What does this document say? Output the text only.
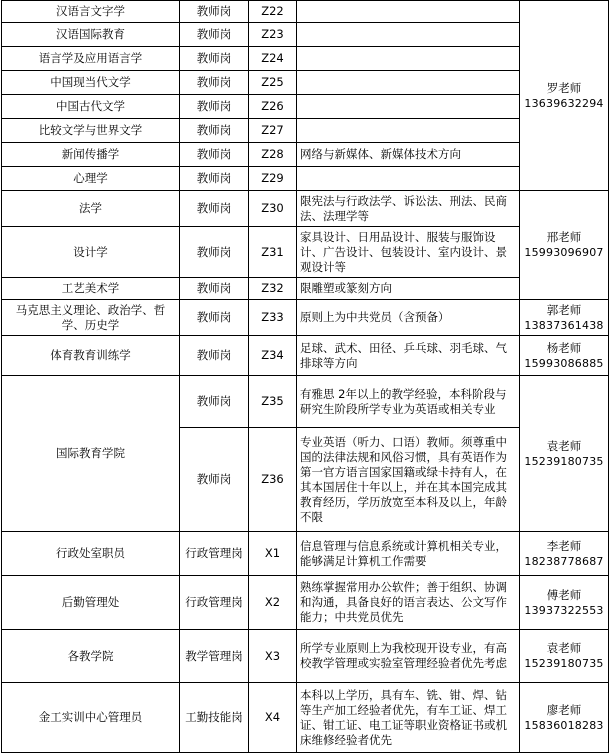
汉语言文字学	教师岗	Z22		罗老师
13639632294

汉语国际教育	教师岗	Z23		
语言学及应用语言学	教师岗	Z24		
中国现当代文学	教师岗	Z25		
中国古代文学	教师岗	Z26		
比较文学与世界文学	教师岗	Z27		
新闻传播学	教师岗	Z28	网络与新媒体、新媒体技术方向	
心理学	教师岗	Z29		
法学	教师岗	Z30	限宪法与行政法学、诉讼法、刑法、民商法、法理学等	邢老师
15993096907

设计学	教师岗	Z31	家具设计、日用品设计、服装与服饰设计、广告设计、包装设计、室内设计、景观设计等	
工艺美术学	教师岗	Z32	限雕塑或篆刻方向	
马克思主义理论、政治学、哲学、历史学	教师岗	Z33	原则上为中共党员（含预备）	郭老师
13837361438

体育教育训练学	教师岗	Z34	足球、武术、田径、乒乓球、羽毛球、气排球等方向	杨老师
15993086885

国际教育学院	教师岗	Z35	有雅思 2年以上的教学经验，本科阶段与研究生阶段所学专业为英语或相关专业	袁老师
15239180735

	教师岗	Z36	专业英语（听力、口语）教师。须尊重中国的法律法规和风俗习惯，具有英语作为第一官方语言国家国籍或绿卡持有人，在其本国居住十年以上，并在其本国完成其教育经历，学历放宽至本科及以上，年龄不限	
行政处室职员	行政管理岗	X1	信息管理与信息系统或计算机相关专业，能够满足计算机工作需要	李老师
18238778687

后勤管理处	行政管理岗	X2	熟练掌握常用办公软件；善于组织、协调和沟通，具备良好的语言表达、公文写作能力；中共党员优先	傅老师
13937322553

各教学院	教学管理岗	X3	所学专业原则上为我校现开设专业，有高校教学管理或实验室管理经验者优先考虑	袁老师
15239180735

金工实训中心管理员	工勤技能岗	X4	本科以上学历，具有车、铣、钳、焊、钻等生产加工经验者优先，有车工证、焊工证、钳工证、电工证等职业资格证书或机床维修经验者优先	廖老师
15836018283
